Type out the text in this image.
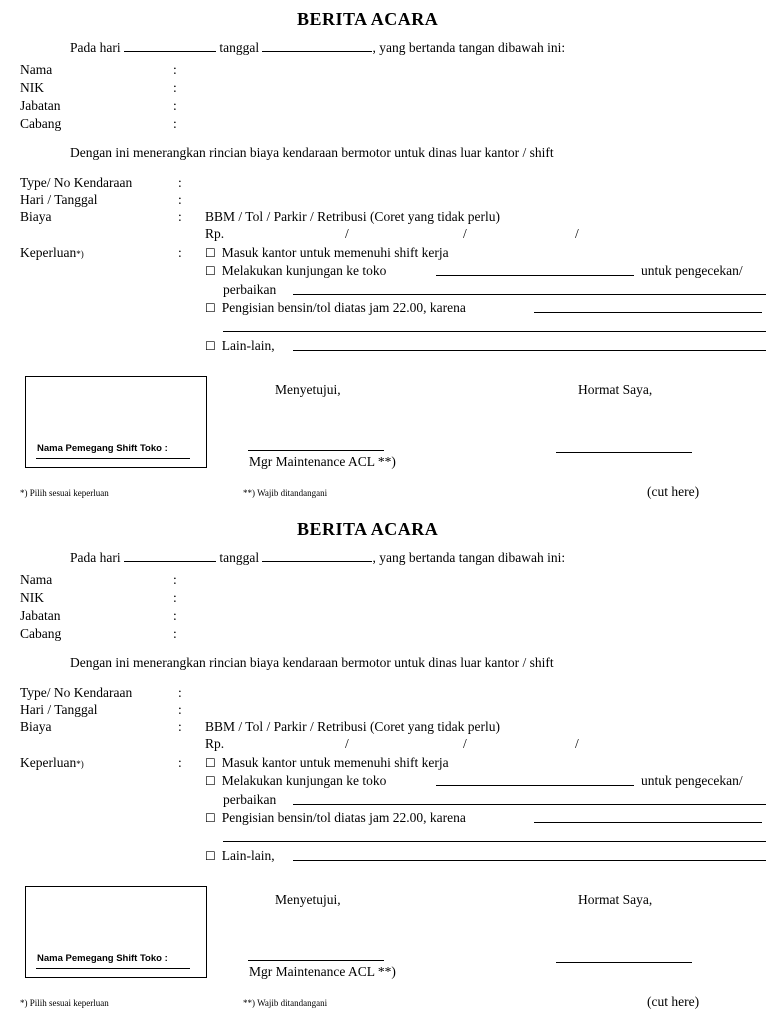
BERITA ACARA
Pada hari	tanggal	, yang bertanda tangan dibawah ini:
Nama	:
NIK	:
Jabatan	:
Cabang	:
Dengan ini menerangkan rincian biaya kendaraan bermotor untuk dinas luar kantor / shift
Type/ No Kendaraan	:
Hari / Tanggal	:
Biaya	: BBM / Tol / Parkir / Retribusi (Coret yang tidak perlu)
Rp.	/	/	/
Keperluan*)	: ☐ Masuk kantor untuk memenuhi shift kerja
☐ Melakukan kunjungan ke toko	untuk pengecekan/
perbaikan
☐ Pengisian bensin/tol diatas jam 22.00, karena
☐ Lain-lain,
Nama Pemegang Shift Toko :
Menyetujui,	Hormat Saya,
Mgr Maintenance ACL **)
*) Pilih sesuai keperluan	**) Wajib ditandangani	(cut here)
BERITA ACARA
Pada hari	tanggal	, yang bertanda tangan dibawah ini:
Nama	:
NIK	:
Jabatan	:
Cabang	:
Dengan ini menerangkan rincian biaya kendaraan bermotor untuk dinas luar kantor / shift
Type/ No Kendaraan	:
Hari / Tanggal	:
Biaya	: BBM / Tol / Parkir / Retribusi (Coret yang tidak perlu)
Rp.	/	/	/
Keperluan*)	: ☐ Masuk kantor untuk memenuhi shift kerja
☐ Melakukan kunjungan ke toko	untuk pengecekan/
perbaikan
☐ Pengisian bensin/tol diatas jam 22.00, karena
☐ Lain-lain,
Nama Pemegang Shift Toko :
Menyetujui,	Hormat Saya,
Mgr Maintenance ACL **)
*) Pilih sesuai keperluan	**) Wajib ditandangani	(cut here)
